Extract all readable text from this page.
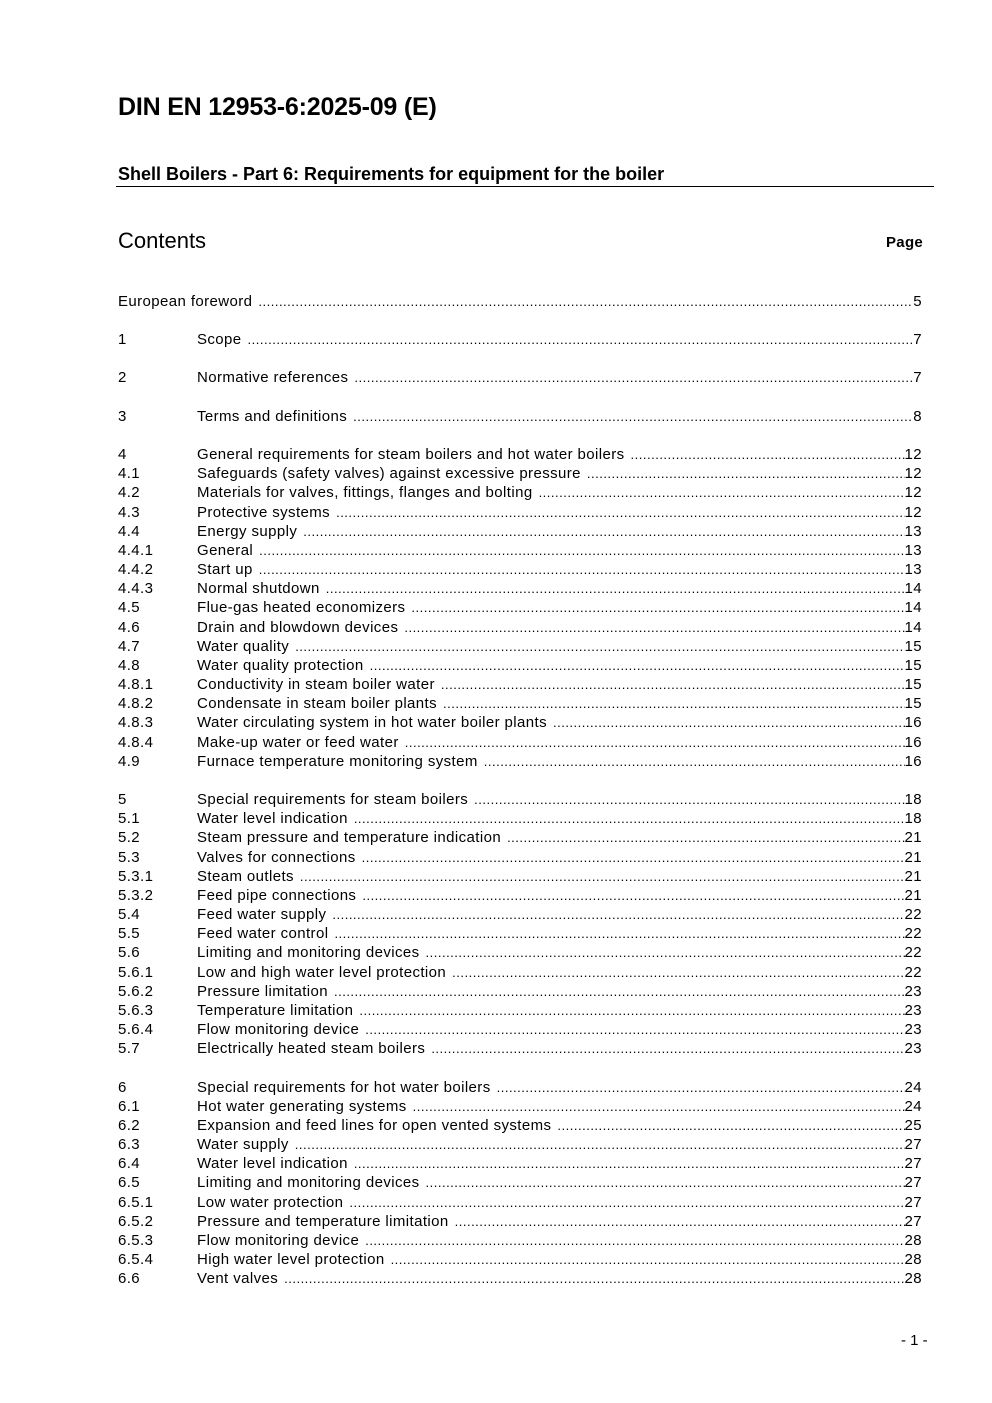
DIN EN 12953-6:2025-09 (E)
Shell Boilers - Part 6: Requirements for equipment for the boiler
Contents	Page
European foreword .....	5
1	Scope .....	7
2	Normative references .....	7
3	Terms and definitions .....	8
4	General requirements for steam boilers and hot water boilers .....	12
4.1	Safeguards (safety valves) against excessive pressure .....	12
4.2	Materials for valves, fittings, flanges and bolting .....	12
4.3	Protective systems .....	12
4.4	Energy supply .....	13
4.4.1	General .....	13
4.4.2	Start up .....	13
4.4.3	Normal shutdown .....	14
4.5	Flue-gas heated economizers .....	14
4.6	Drain and blowdown devices .....	14
4.7	Water quality .....	15
4.8	Water quality protection .....	15
4.8.1	Conductivity in steam boiler water .....	15
4.8.2	Condensate in steam boiler plants .....	15
4.8.3	Water circulating system in hot water boiler plants .....	16
4.8.4	Make-up water or feed water .....	16
4.9	Furnace temperature monitoring system .....	16
5	Special requirements for steam boilers .....	18
5.1	Water level indication .....	18
5.2	Steam pressure and temperature indication .....	21
5.3	Valves for connections .....	21
5.3.1	Steam outlets .....	21
5.3.2	Feed pipe connections .....	21
5.4	Feed water supply .....	22
5.5	Feed water control .....	22
5.6	Limiting and monitoring devices .....	22
5.6.1	Low and high water level protection .....	22
5.6.2	Pressure limitation .....	23
5.6.3	Temperature limitation .....	23
5.6.4	Flow monitoring device .....	23
5.7	Electrically heated steam boilers .....	23
6	Special requirements for hot water boilers .....	24
6.1	Hot water generating systems .....	24
6.2	Expansion and feed lines for open vented systems .....	25
6.3	Water supply .....	27
6.4	Water level indication .....	27
6.5	Limiting and monitoring devices .....	27
6.5.1	Low water protection .....	27
6.5.2	Pressure and temperature limitation .....	27
6.5.3	Flow monitoring device .....	28
6.5.4	High water level protection .....	28
6.6	Vent valves .....	28
- 1 -
